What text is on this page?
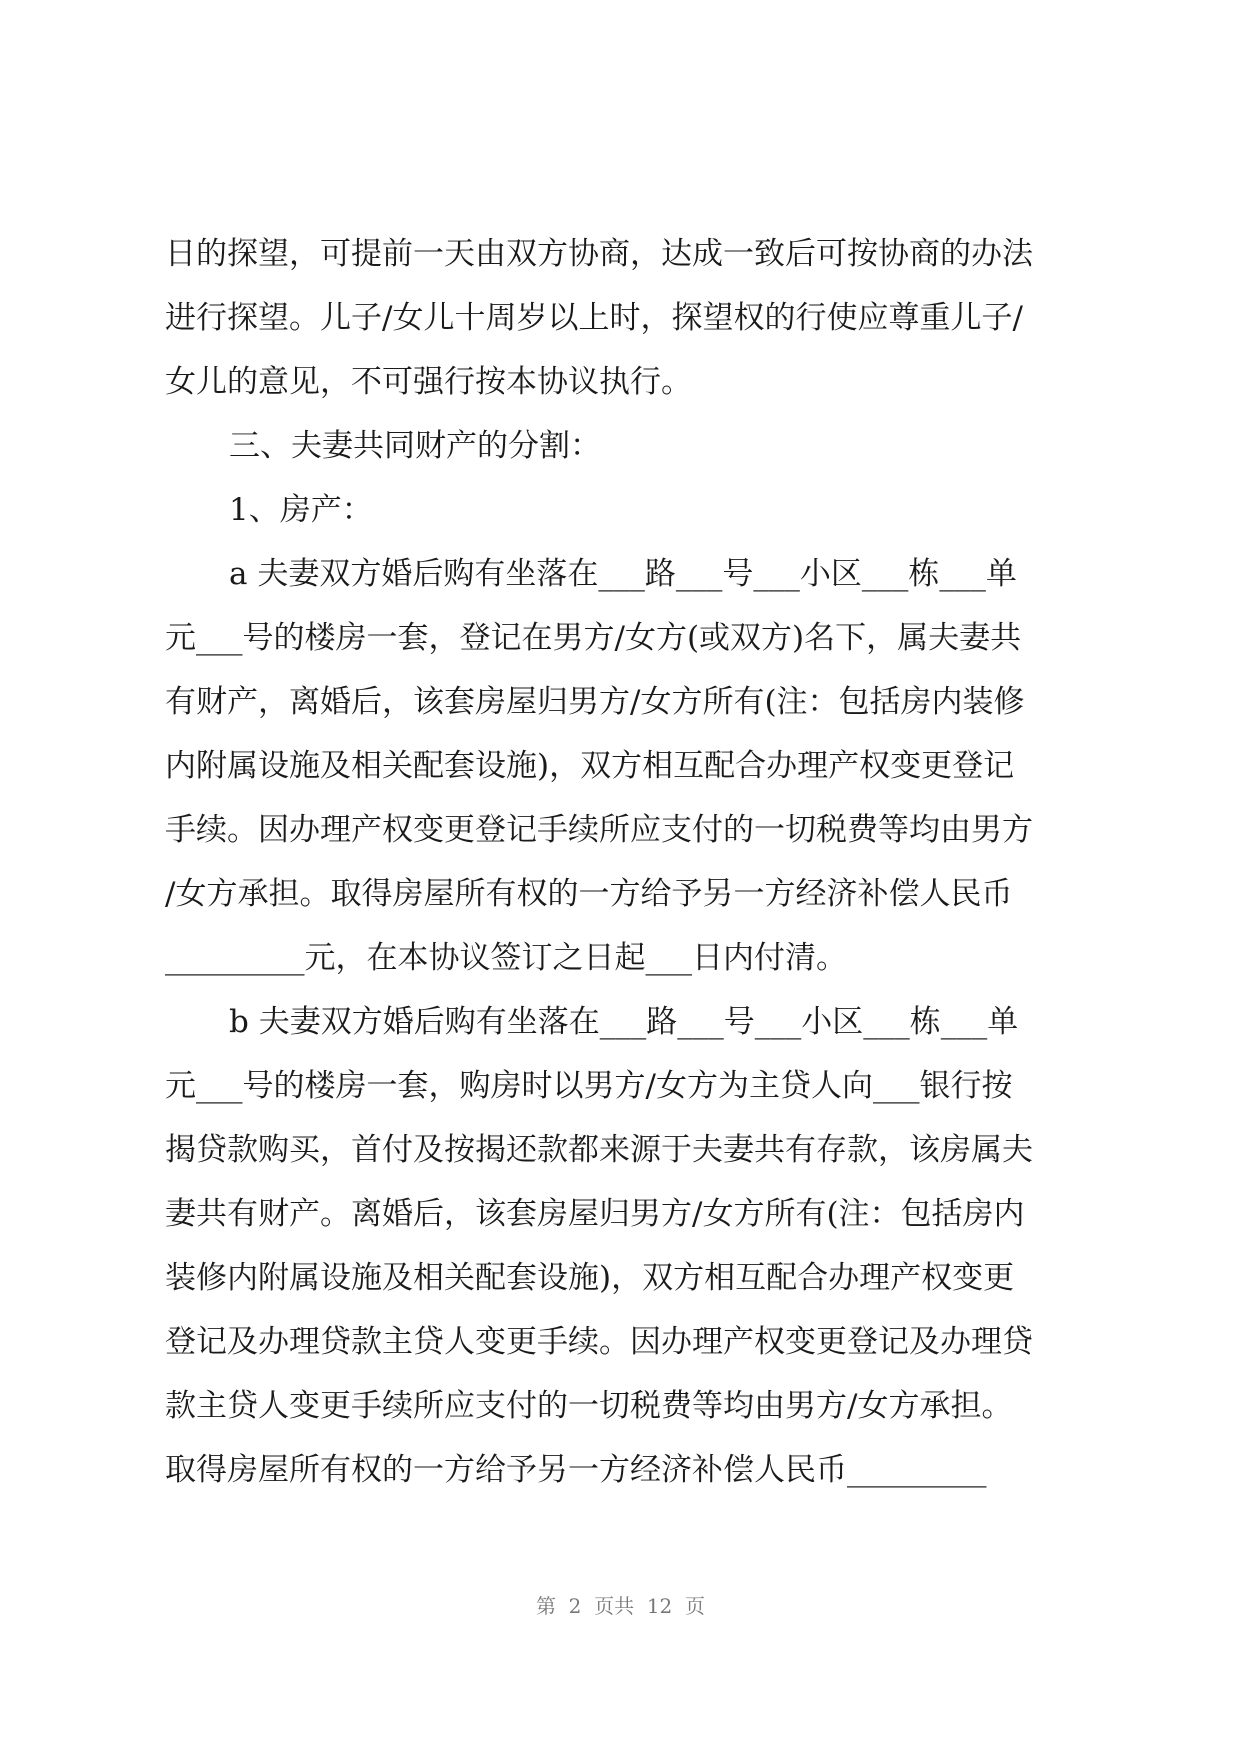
日的探望，可提前一天由双方协商，达成一致后可按协商的办法
进行探望。儿子/女儿十周岁以上时，探望权的行使应尊重儿子/
女儿的意见，不可强行按本协议执行。
三、夫妻共同财产的分割：
1、房产：
a 夫妻双方婚后购有坐落在___路___号___小区___栋___单
元___号的楼房一套，登记在男方/女方(或双方)名下，属夫妻共
有财产，离婚后，该套房屋归男方/女方所有(注：包括房内装修
内附属设施及相关配套设施)，双方相互配合办理产权变更登记
手续。因办理产权变更登记手续所应支付的一切税费等均由男方
/女方承担。取得房屋所有权的一方给予另一方经济补偿人民币
_________元，在本协议签订之日起___日内付清。
b 夫妻双方婚后购有坐落在___路___号___小区___栋___单
元___号的楼房一套，购房时以男方/女方为主贷人向___银行按
揭贷款购买，首付及按揭还款都来源于夫妻共有存款，该房属夫
妻共有财产。离婚后，该套房屋归男方/女方所有(注：包括房内
装修内附属设施及相关配套设施)，双方相互配合办理产权变更
登记及办理贷款主贷人变更手续。因办理产权变更登记及办理贷
款主贷人变更手续所应支付的一切税费等均由男方/女方承担。
取得房屋所有权的一方给予另一方经济补偿人民币_________
第  2  页共  12  页
